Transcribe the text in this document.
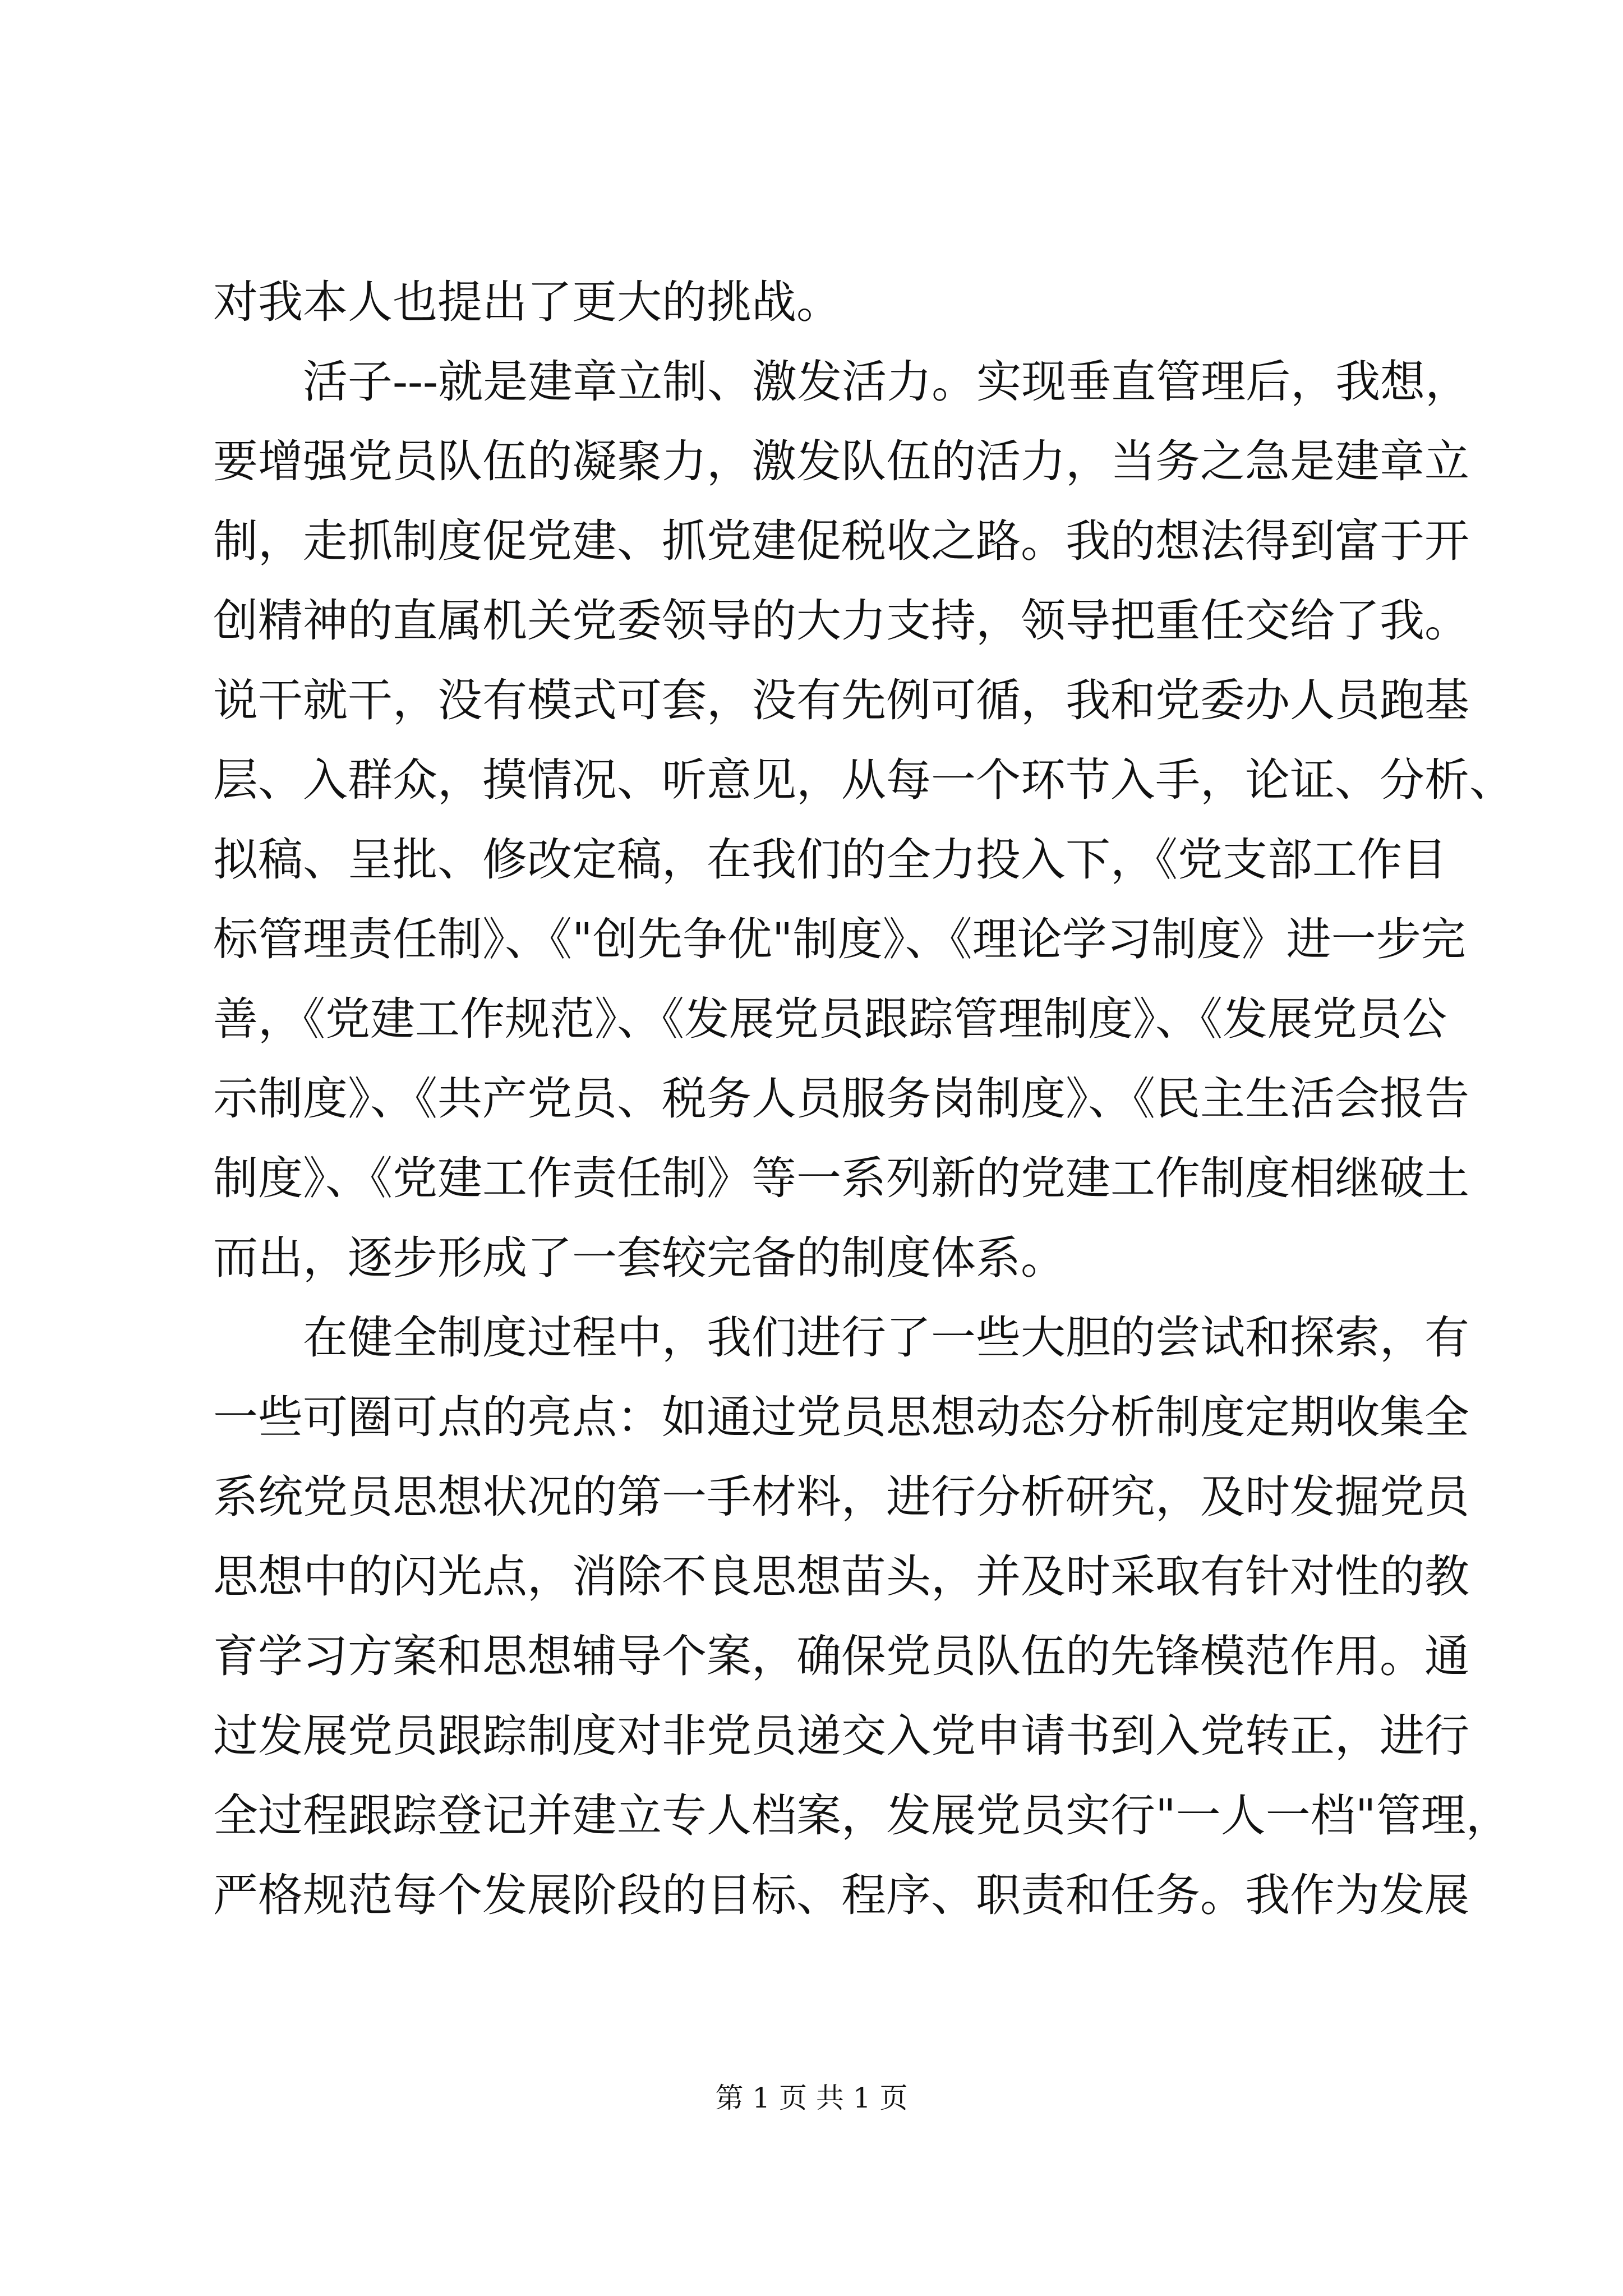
对我本人也提出了更大的挑战。
活子---就是建章立制、激发活力。实现垂直管理后，我想，
要增强党员队伍的凝聚力，激发队伍的活力，当务之急是建章立
制，走抓制度促党建、抓党建促税收之路。我的想法得到富于开
创精神的直属机关党委领导的大力支持，领导把重任交给了我。
说干就干，没有模式可套，没有先例可循，我和党委办人员跑基
层、入群众，摸情况、听意见，从每一个环节入手，论证、分析、
拟稿、呈批、修改定稿，在我们的全力投入下，《党支部工作目
标管理责任制》、《"创先争优"制度》、《理论学习制度》进一步完
善，《党建工作规范》、《发展党员跟踪管理制度》、《发展党员公
示制度》、《共产党员、税务人员服务岗制度》、《民主生活会报告
制度》、《党建工作责任制》等一系列新的党建工作制度相继破土
而出，逐步形成了一套较完备的制度体系。
在健全制度过程中，我们进行了一些大胆的尝试和探索，有
一些可圈可点的亮点：如通过党员思想动态分析制度定期收集全
系统党员思想状况的第一手材料，进行分析研究，及时发掘党员
思想中的闪光点，消除不良思想苗头，并及时采取有针对性的教
育学习方案和思想辅导个案，确保党员队伍的先锋模范作用。通
过发展党员跟踪制度对非党员递交入党申请书到入党转正，进行
全过程跟踪登记并建立专人档案，发展党员实行"一人一档"管理，
严格规范每个发展阶段的目标、程序、职责和任务。我作为发展
第 1 页 共 1 页
